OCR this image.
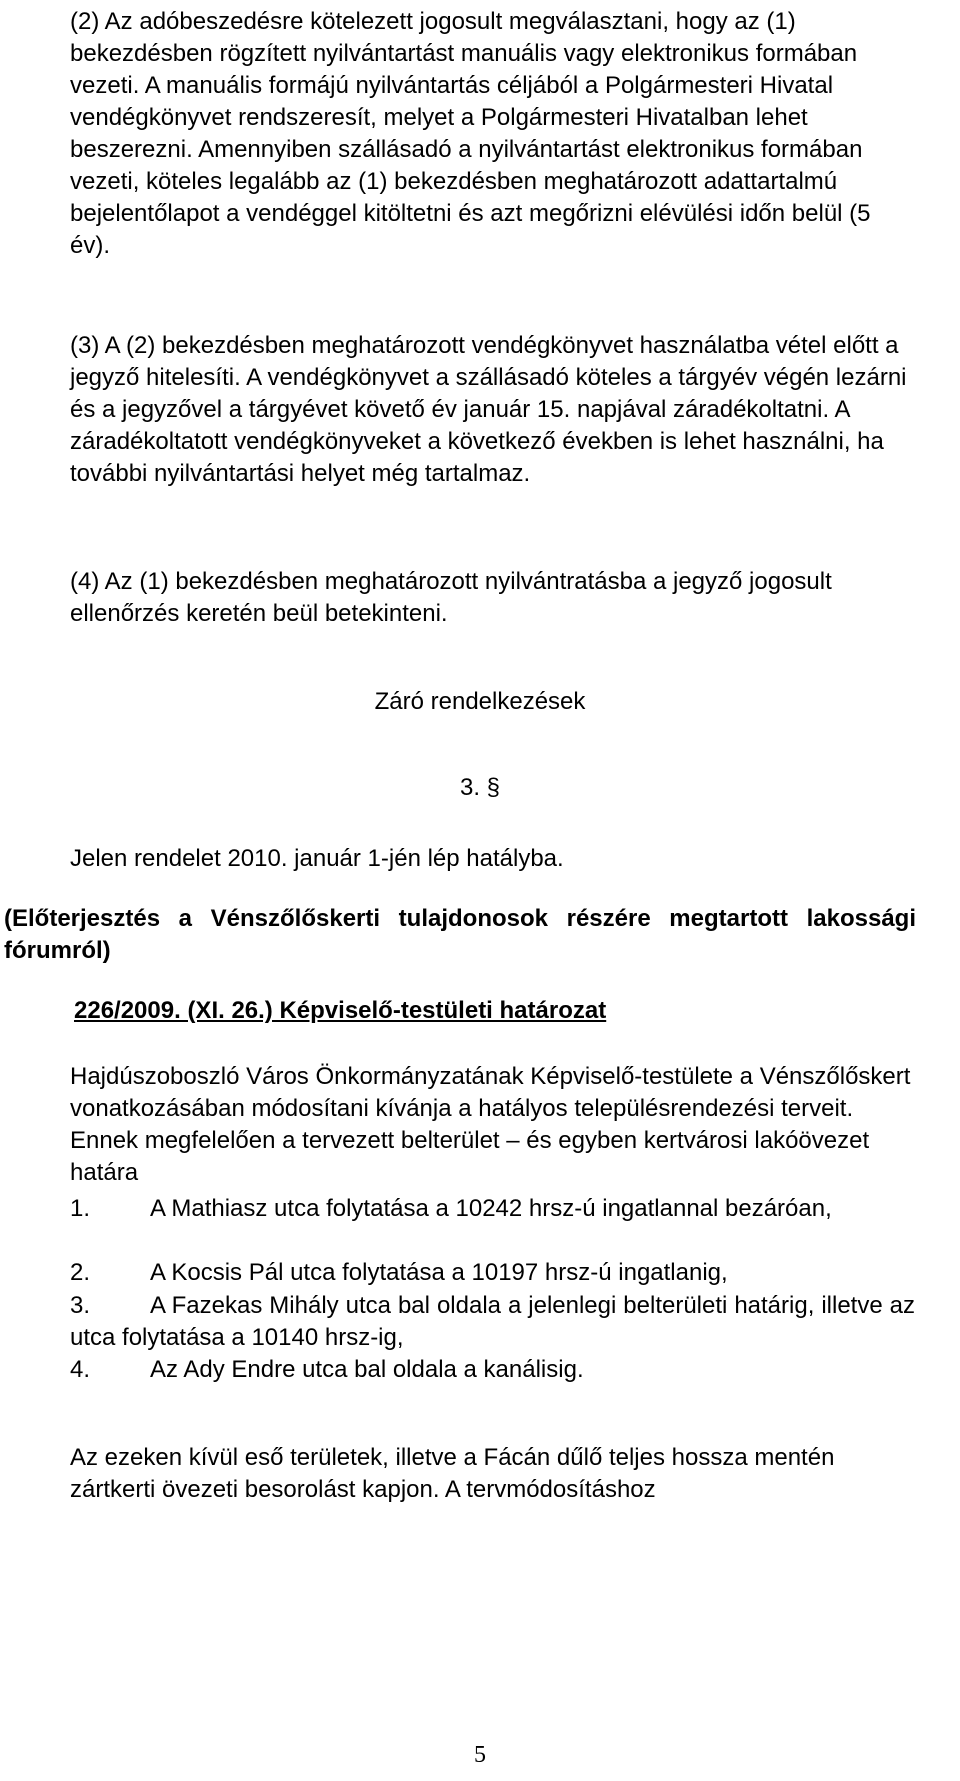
(2) Az adóbeszedésre kötelezett jogosult megválasztani, hogy az (1) bekezdésben rögzített nyilvántartást manuális vagy elektronikus formában vezeti. A manuális formájú nyilvántartás céljából a Polgármesteri Hivatal vendégkönyvet rendszeresít, melyet a Polgármesteri Hivatalban lehet beszerezni. Amennyiben szállásadó a nyilvántartást elektronikus formában vezeti, köteles legalább az (1) bekezdésben meghatározott adattartalmú bejelentőlapot a vendéggel kitöltetni és azt megőrizni elévülési időn belül (5 év).

(3) A (2) bekezdésben meghatározott vendégkönyvet használatba vétel előtt a jegyző hitelesíti. A vendégkönyvet a szállásadó köteles a tárgyév végén lezárni és a jegyzővel a tárgyévet követő év január 15. napjával záradékoltatni. A záradékoltatott vendégkönyveket a következő években is lehet használni, ha további nyilvántartási helyet még tartalmaz.

(4) Az (1) bekezdésben meghatározott nyilvántratásba a jegyző jogosult ellenőrzés keretén beül betekinteni.

Záró rendelkezések

3. §

Jelen rendelet 2010. január 1-jén lép hatályba.

(Előterjesztés a Vénszőlőskerti tulajdonosok részére megtartott lakossági fórumról)

226/2009. (XI. 26.) Képviselő-testületi határozat

Hajdúszoboszló Város Önkormányzatának Képviselő-testülete a Vénszőlőskert vonatkozásában módosítani kívánja a hatályos településrendezési terveit. Ennek megfelelően a tervezett belterület – és egyben kertvárosi lakóövezet határa

1. A Mathiasz utca folytatása a 10242 hrsz-ú ingatlannal bezáróan,

2. A Kocsis Pál utca folytatása a 10197 hrsz-ú ingatlanig,

3. A Fazekas Mihály utca bal oldala a jelenlegi belterületi határig, illetve az utca folytatása a 10140 hrsz-ig,

4. Az Ady Endre utca bal oldala a kanálisig.

Az ezeken kívül eső területek, illetve a Fácán dűlő teljes hossza mentén zártkerti övezeti besorolást kapjon. A tervmódosításhoz

5
